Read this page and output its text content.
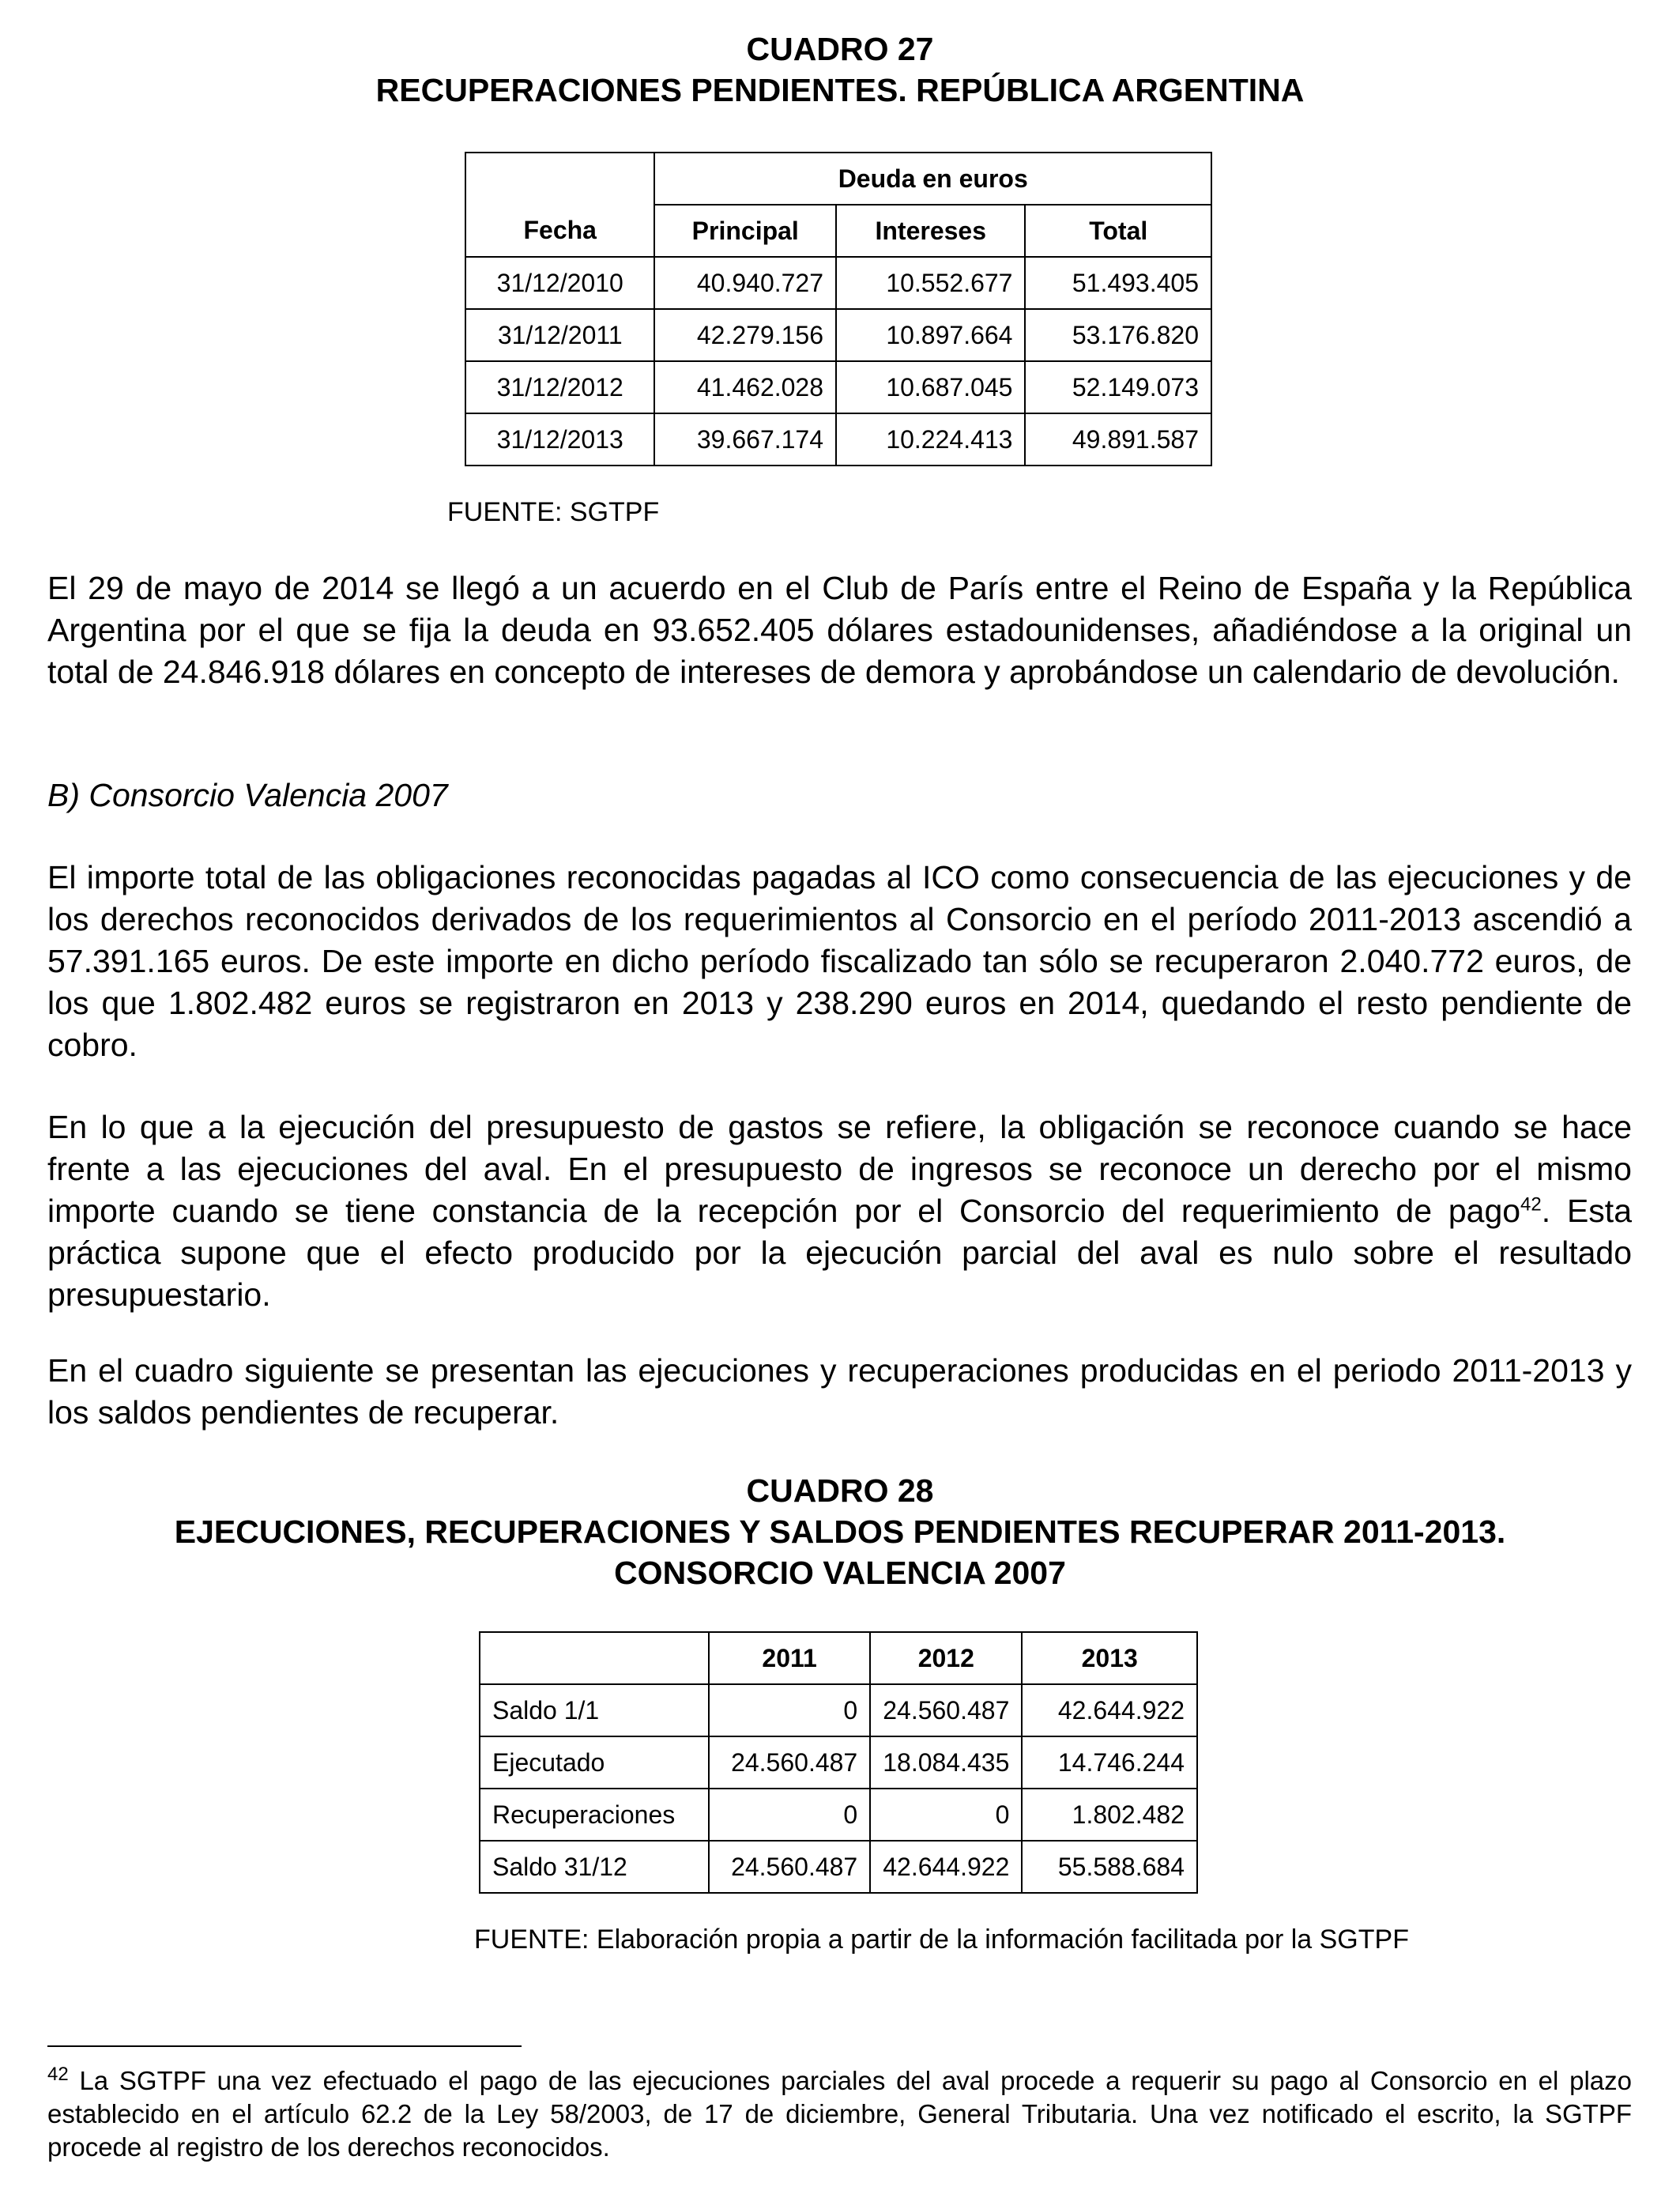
CUADRO 27
RECUPERACIONES PENDIENTES. REPÚBLICA ARGENTINA
Fecha	Deuda en euros		
	Principal	Intereses	Total
31/12/2010	40.940.727	10.552.677	51.493.405
31/12/2011	42.279.156	10.897.664	53.176.820
31/12/2012	41.462.028	10.687.045	52.149.073
31/12/2013	39.667.174	10.224.413	49.891.587

FUENTE: SGTPF

El 29 de mayo de 2014 se llegó a un acuerdo en el Club de París entre el Reino de España y la República Argentina por el que se fija la deuda en 93.652.405 dólares estadounidenses, añadiéndose a la original un total de 24.846.918 dólares en concepto de intereses de demora y aprobándose un calendario de devolución.

B) Consorcio Valencia 2007

El importe total de las obligaciones reconocidas pagadas al ICO como consecuencia de las ejecuciones y de los derechos reconocidos derivados de los requerimientos al Consorcio en el período 2011-2013 ascendió a 57.391.165 euros. De este importe en dicho período fiscalizado tan sólo se recuperaron 2.040.772 euros, de los que 1.802.482 euros se registraron en 2013 y 238.290 euros en 2014, quedando el resto pendiente de cobro.

En lo que a la ejecución del presupuesto de gastos se refiere, la obligación se reconoce cuando se hace frente a las ejecuciones del aval. En el presupuesto de ingresos se reconoce un derecho por el mismo importe cuando se tiene constancia de la recepción por el Consorcio del requerimiento de pago$^{42}$. Esta práctica supone que el efecto producido por la ejecución parcial del aval es nulo sobre el resultado presupuestario.

En el cuadro siguiente se presentan las ejecuciones y recuperaciones producidas en el periodo 2011-2013 y los saldos pendientes de recuperar.

CUADRO 28
EJECUCIONES, RECUPERACIONES Y SALDOS PENDIENTES RECUPERAR 2011-2013.
CONSORCIO VALENCIA 2007
	2011	2012	2013
Saldo 1/1	0	24.560.487	42.644.922
Ejecutado	24.560.487	18.084.435	14.746.244
Recuperaciones	0	0	1.802.482
Saldo 31/12	24.560.487	42.644.922	55.588.684

FUENTE: Elaboración propia a partir de la información facilitada por la SGTPF

$^{42}$ La SGTPF una vez efectuado el pago de las ejecuciones parciales del aval procede a requerir su pago al Consorcio en el plazo establecido en el artículo 62.2 de la Ley 58/2003, de 17 de diciembre, General Tributaria. Una vez notificado el escrito, la SGTPF procede al registro de los derechos reconocidos.
